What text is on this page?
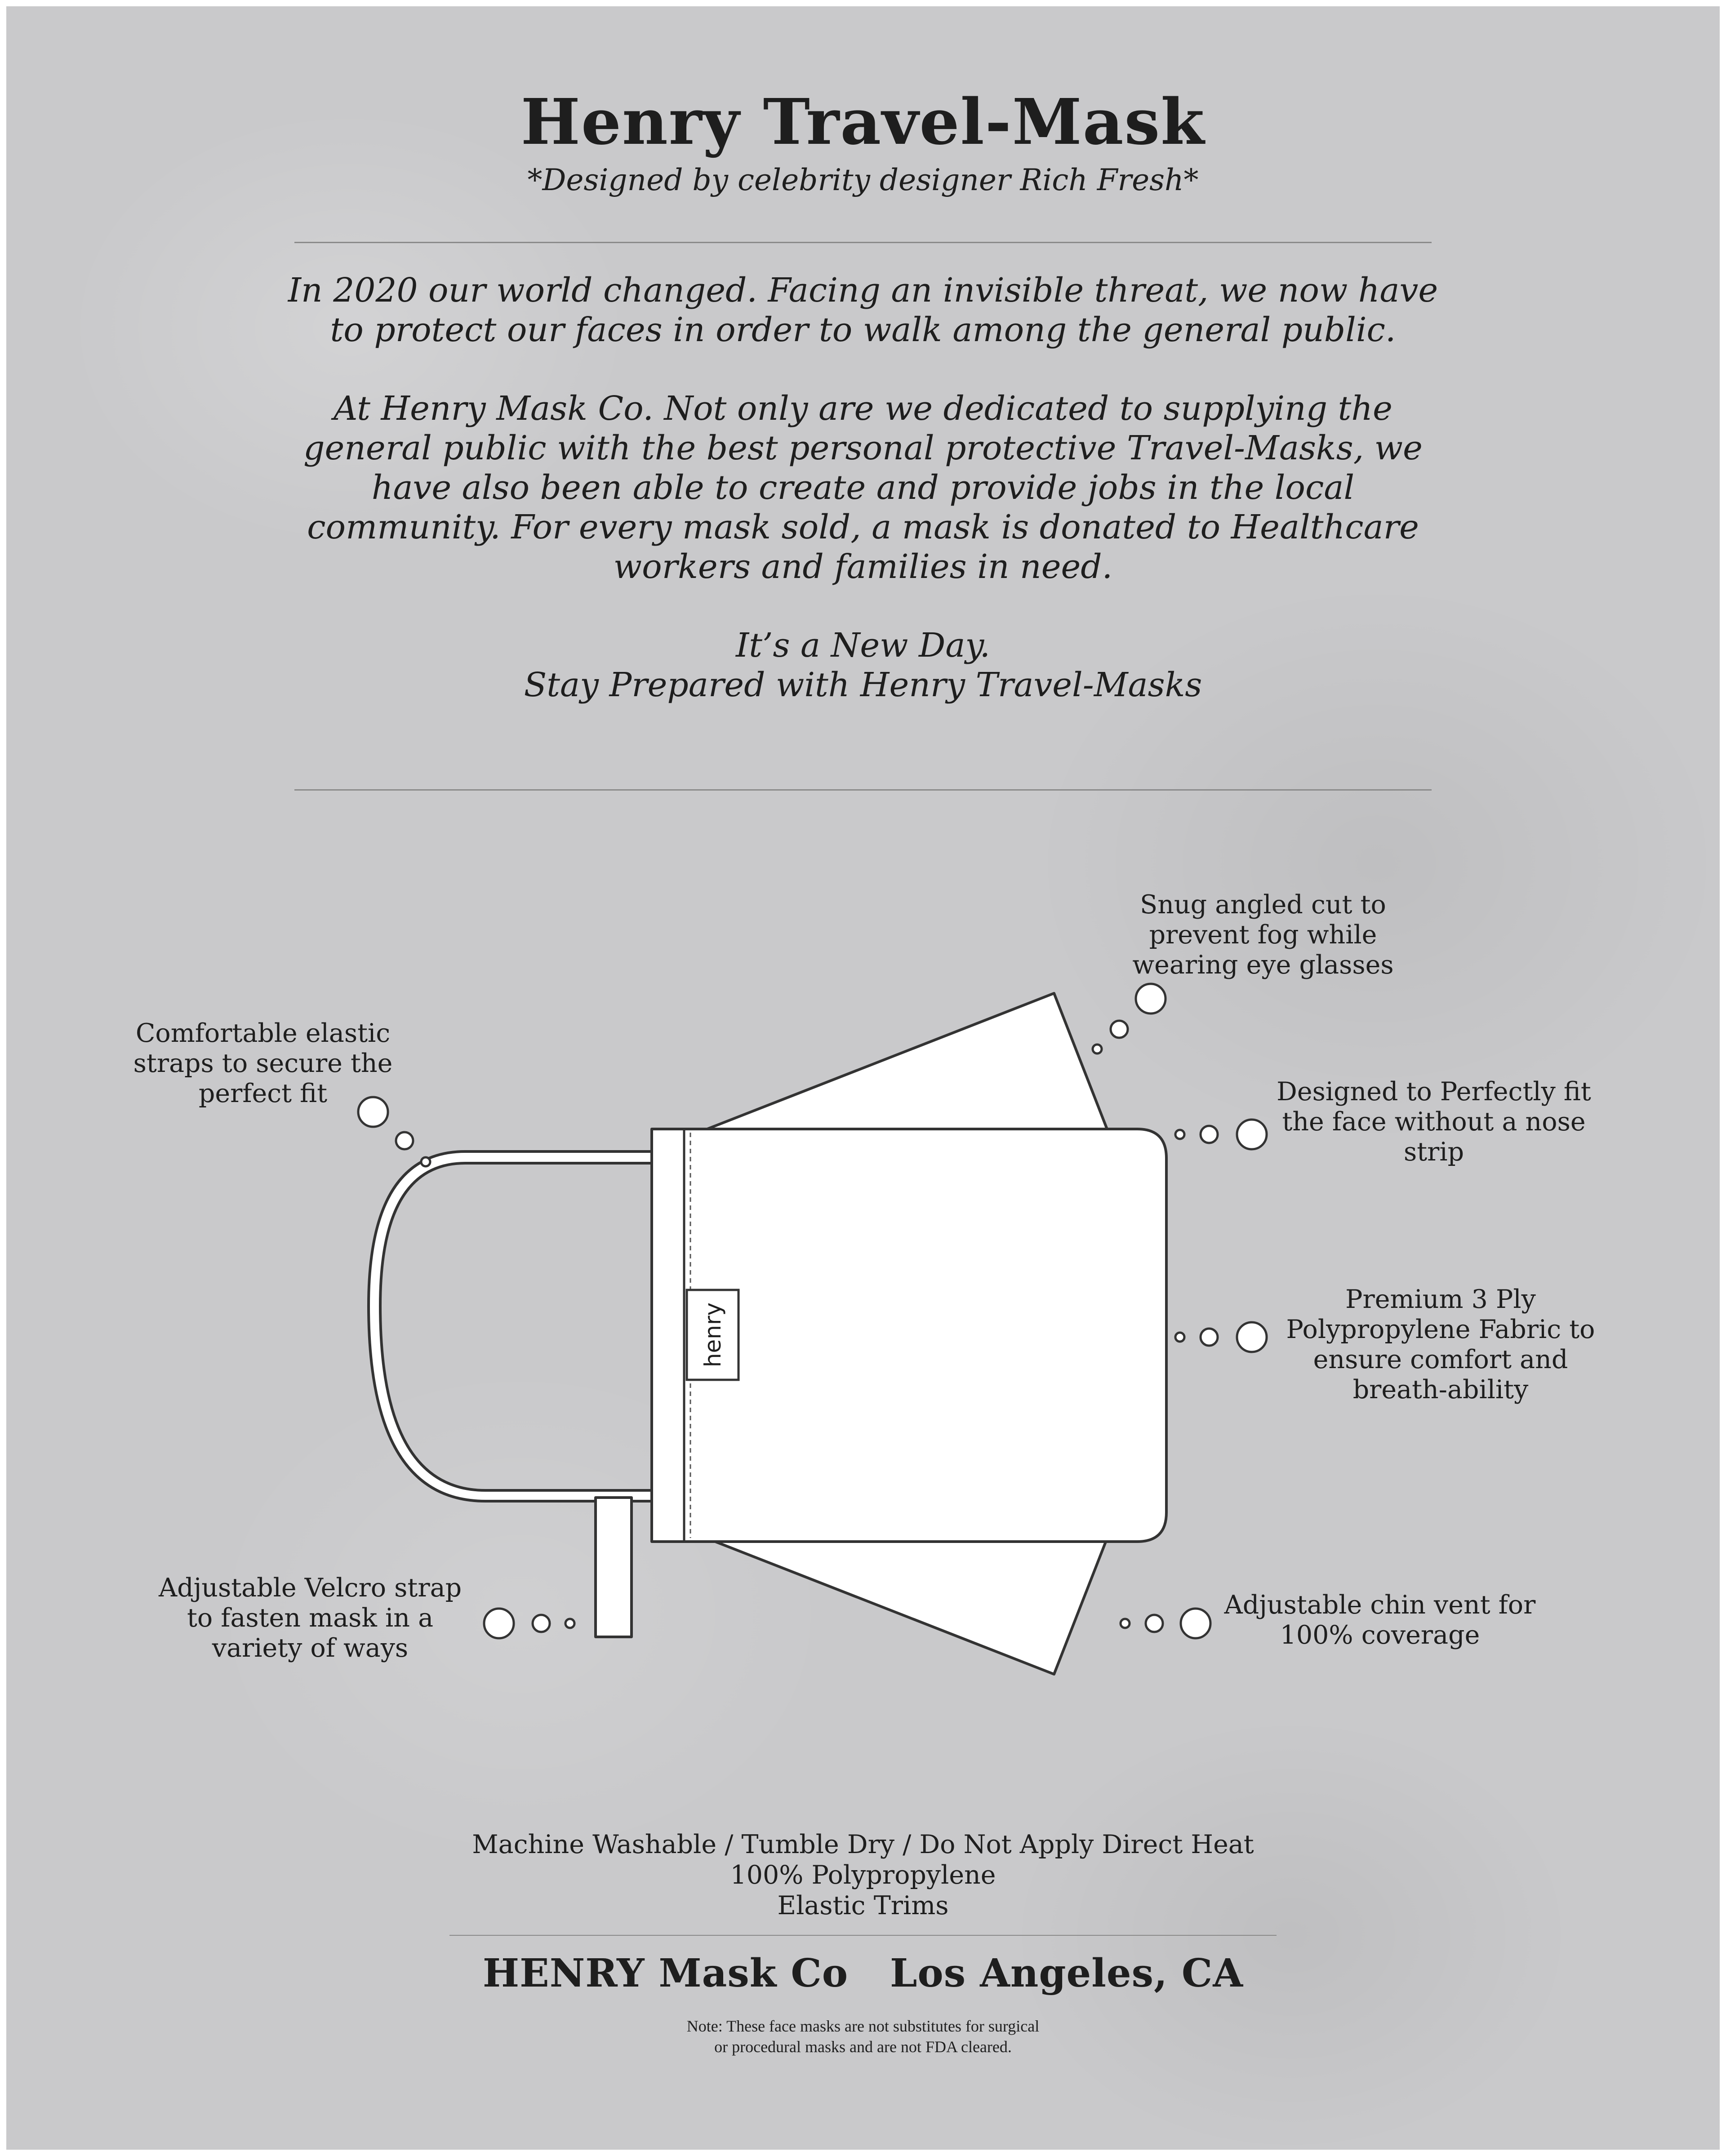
Henry Travel-Mask
*Designed by celebrity designer Rich Fresh*

In 2020 our world changed. Facing an invisible threat, we now have to protect our faces in order to walk among the general public.

At Henry Mask Co. Not only are we dedicated to supplying the general public with the best personal protective Travel-Masks, we have also been able to create and provide jobs in the local community. For every mask sold, a mask is donated to Healthcare workers and families in need.

It’s a New Day.
Stay Prepared with Henry Travel-Masks
henry
Comfortable elastic straps to secure the perfect fit
Snug angled cut to prevent fog while wearing eye glasses
Designed to Perfectly fit the face without a nose strip
Premium 3 Ply Polypropylene Fabric to ensure comfort and breath-ability
Adjustable Velcro strap to fasten mask in a variety of ways
Adjustable chin vent for 100% coverage
Machine Washable / Tumble Dry / Do Not Apply Direct Heat
100% Polypropylene
Elastic Trims
HENRY Mask Co   Los Angeles, CA
Note: These face masks are not substitutes for surgical
or procedural masks and are not FDA cleared.
